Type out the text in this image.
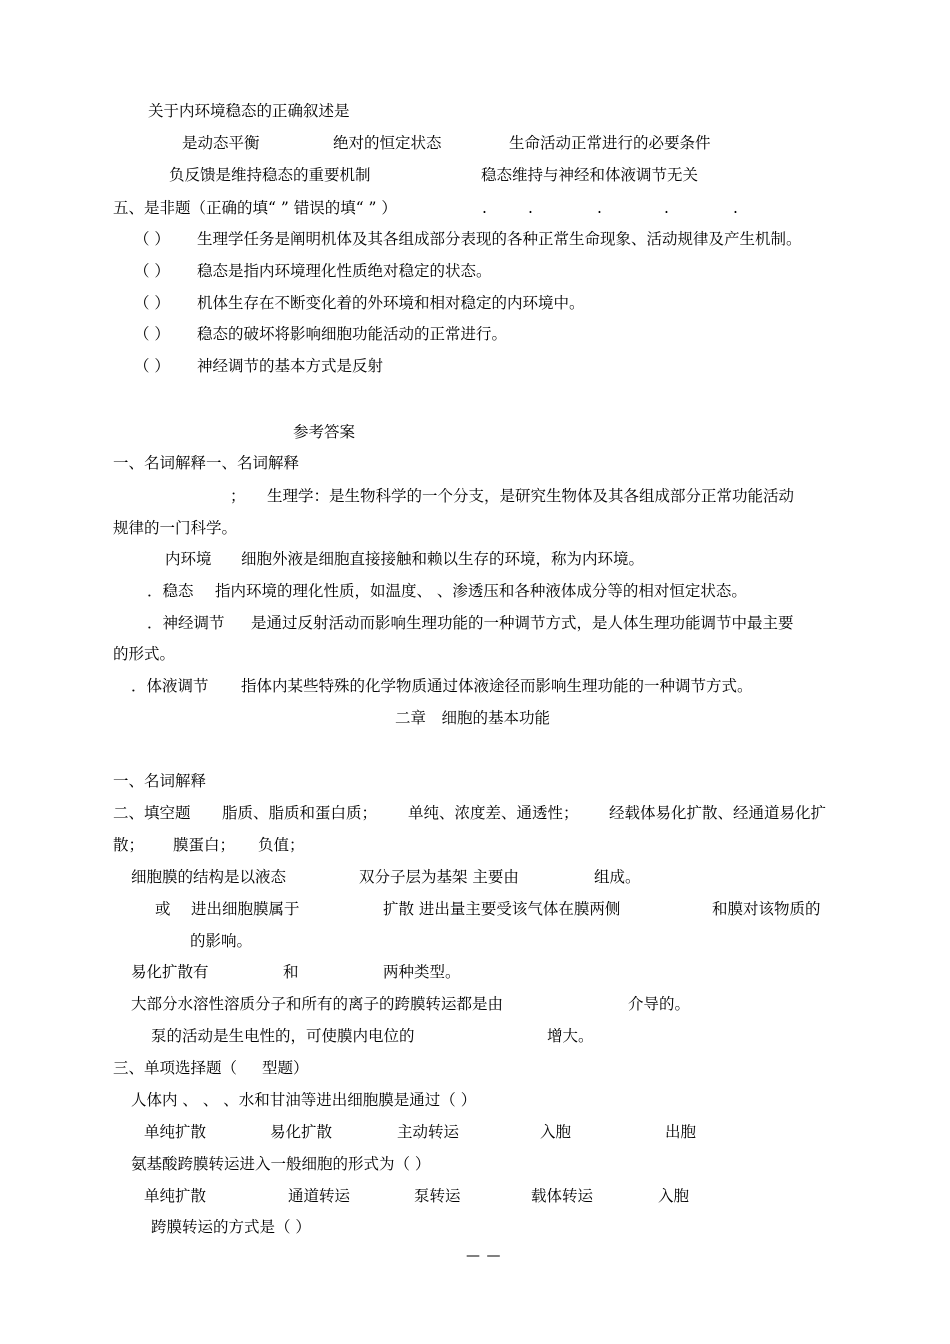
关于内环境稳态的正确叙述是
是动态平衡	绝对的恒定状态	生命活动正常进行的必要条件
负反馈是维持稳态的重要机制	稳态维持与神经和体液调节无关
五、是非题（正确的填“ ” 错误的填“ ” ）	.	.	.	.	.
（ ） 生理学任务是阐明机体及其各组成部分表现的各种正常生命现象、活动规律及产生机制。
（ ） 稳态是指内环境理化性质绝对稳定的状态。
（ ） 机体生存在不断变化着的外环境和相对稳定的内环境中。
（ ） 稳态的破坏将影响细胞功能活动的正常进行。
（ ） 神经调节的基本方式是反射
参考答案
一、名词解释一、名词解释
； 生理学：是生物科学的一个分支，是研究生物体及其各组成部分正常功能活动
规律的一门科学。
内环境 细胞外液是细胞直接接触和赖以生存的环境，称为内环境。
．稳态 指内环境的理化性质，如温度、 、渗透压和各种液体成分等的相对恒定状态。
．神经调节 是通过反射活动而影响生理功能的一种调节方式，是人体生理功能调节中最主要
的形式。
．体液调节 指体内某些特殊的化学物质通过体液途径而影响生理功能的一种调节方式。
二章　细胞的基本功能
一、名词解释
二、填空题 脂质、脂质和蛋白质； 单纯、浓度差、通透性； 经载体易化扩散、经通道易化扩
散； 膜蛋白； 负值；
细胞膜的结构是以液态	双分子层为基架 主要由	组成。
或 进出细胞膜属于	扩散 进出量主要受该气体在膜两侧	和膜对该物质的
的影响。
易化扩散有	和	两种类型。
大部分水溶性溶质分子和所有的离子的跨膜转运都是由	介导的。
泵的活动是生电性的，可使膜内电位的	增大。
三、单项选择题（ 型题）
人体内 、 、 、水和甘油等进出细胞膜是通过（ ）
单纯扩散	易化扩散	主动转运	入胞	出胞
氨基酸跨膜转运进入一般细胞的形式为（ ）
单纯扩散	通道转运	泵转运	载体转运	入胞
跨膜转运的方式是（ ）
— —
